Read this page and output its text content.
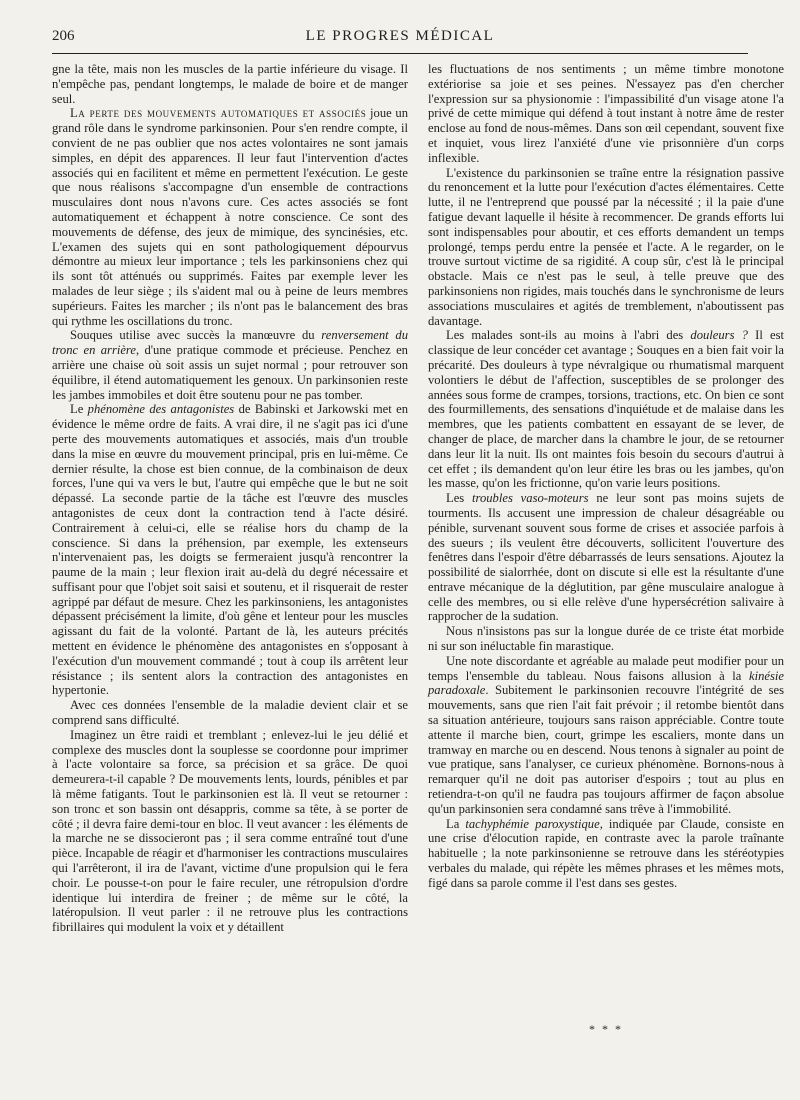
206	LE PROGRES MÉDICAL

gne la tête, mais non les muscles de la partie inférieure du visage. Il n'empêche pas, pendant longtemps, le malade de boire et de manger seul.

La perte des mouvements automatiques et associés joue un grand rôle dans le syndrome parkinsonien. Pour s'en rendre compte, il convient de ne pas oublier que nos actes volontaires ne sont jamais simples, en dépit des apparences. Il leur faut l'intervention d'actes associés qui en facilitent et même en permettent l'exécution. Le geste que nous réalisons s'accompagne d'un ensemble de contractions musculaires dont nous n'avons cure. Ces actes associés se font automatiquement et échappent à notre conscience. Ce sont des mouvements de défense, des jeux de mimique, des syncinésies, etc. L'examen des sujets qui en sont pathologiquement dépourvus démontre au mieux leur importance ; tels les parkinsoniens chez qui ils sont tôt atténués ou supprimés. Faites par exemple lever les malades de leur siège ; ils s'aident mal ou à peine de leurs membres supérieurs. Faites les marcher ; ils n'ont pas le balancement des bras qui rythme les oscillations du tronc.

Souques utilise avec succès la manœuvre du renversement du tronc en arrière, d'une pratique commode et précieuse. Penchez en arrière une chaise où soit assis un sujet normal ; pour retrouver son équilibre, il étend automatiquement les genoux. Un parkinsonien reste les jambes immobiles et doit être soutenu pour ne pas tomber.

Le phénomène des antagonistes de Babinski et Jarkowski met en évidence le même ordre de faits. A vrai dire, il ne s'agit pas ici d'une perte des mouvements automatiques et associés, mais d'un trouble dans la mise en œuvre du mouvement principal, pris en lui-même. Ce dernier résulte, la chose est bien connue, de la combinaison de deux forces, l'une qui va vers le but, l'autre qui empêche que le but ne soit dépassé. La seconde partie de la tâche est l'œuvre des muscles antagonistes de ceux dont la contraction tend à l'acte désiré. Contrairement à celui-ci, elle se réalise hors du champ de la conscience. Si dans la préhension, par exemple, les extenseurs n'intervenaient pas, les doigts se fermeraient jusqu'à rencontrer la paume de la main ; leur flexion irait au-delà du degré nécessaire et suffisant pour que l'objet soit saisi et soutenu, et il risquerait de rester agrippé par défaut de mesure. Chez les parkinsoniens, les antagonistes dépassent précisément la limite, d'où gêne et lenteur pour les muscles agissant du fait de la volonté. Partant de là, les auteurs précités mettent en évidence le phénomène des antagonistes en s'opposant à l'exécution d'un mouvement commandé ; tout à coup ils arrêtent leur résistance ; ils sentent alors la contraction des antagonistes en hypertonie.

Avec ces données l'ensemble de la maladie devient clair et se comprend sans difficulté.

Imaginez un être raidi et tremblant ; enlevez-lui le jeu délié et complexe des muscles dont la souplesse se coordonne pour imprimer à l'acte volontaire sa force, sa précision et sa grâce. De quoi demeurera-t-il capable ? De mouvements lents, lourds, pénibles et par là même fatigants. Tout le parkinsonien est là. Il veut se retourner : son tronc et son bassin ont désappris, comme sa tête, à se porter de côté ; il devra faire demi-tour en bloc. Il veut avancer : les éléments de la marche ne se dissocieront pas ; il sera comme entraîné tout d'une pièce. Incapable de réagir et d'harmoniser les contractions musculaires qui l'arrêteront, il ira de l'avant, victime d'une propulsion qui le fera choir. Le pousse-t-on pour le faire reculer, une rétropulsion d'ordre identique lui interdira de freiner ; de même sur le côté, la latéropulsion. Il veut parler : il ne retrouve plus les contractions fibrillaires qui modulent la voix et y détaillent

les fluctuations de nos sentiments ; un même timbre monotone extériorise sa joie et ses peines. N'essayez pas d'en chercher l'expression sur sa physionomie : l'impassibilité d'un visage atone l'a privé de cette mimique qui défend à tout instant à notre âme de rester enclose au fond de nous-mêmes. Dans son œil cependant, souvent fixe et inquiet, vous lirez l'anxiété d'une vie prisonnière d'un corps inflexible.

L'existence du parkinsonien se traîne entre la résignation passive du renoncement et la lutte pour l'exécution d'actes élémentaires. Cette lutte, il ne l'entreprend que poussé par la nécessité ; il la paie d'une fatigue devant laquelle il hésite à recommencer. De grands efforts lui sont indispensables pour aboutir, et ces efforts demandent un temps prolongé, temps perdu entre la pensée et l'acte. A le regarder, on le trouve surtout victime de sa rigidité. A coup sûr, c'est là le principal obstacle. Mais ce n'est pas le seul, à telle preuve que des parkinsoniens non rigides, mais touchés dans le synchronisme de leurs associations musculaires et agités de tremblement, n'aboutissent pas davantage.

Les malades sont-ils au moins à l'abri des douleurs ? Il est classique de leur concéder cet avantage ; Souques en a bien fait voir la précarité. Des douleurs à type névralgique ou rhumatismal marquent volontiers le début de l'affection, susceptibles de se prolonger des années sous forme de crampes, torsions, tractions, etc. On bien ce sont des fourmillements, des sensations d'inquiétude et de malaise dans les membres, que les patients combattent en essayant de se lever, de changer de place, de marcher dans la chambre le jour, de se retourner dans leur lit la nuit. Ils ont maintes fois besoin du secours d'autrui à cet effet ; ils demandent qu'on leur étire les bras ou les jambes, qu'on les masse, qu'on les frictionne, qu'on varie leurs positions.

Les troubles vaso-moteurs ne leur sont pas moins sujets de tourments. Ils accusent une impression de chaleur désagréable ou pénible, survenant souvent sous forme de crises et associée parfois à des sueurs ; ils veulent être découverts, sollicitent l'ouverture des fenêtres dans l'espoir d'être débarrassés de leurs sensations. Ajoutez la possibilité de sialorrhée, dont on discute si elle est la résultante d'une entrave mécanique de la déglutition, par gêne musculaire analogue à celle des membres, ou si elle relève d'une hypersécrétion salivaire à rapprocher de la sudation.

Nous n'insistons pas sur la longue durée de ce triste état morbide ni sur son inéluctable fin marastique.

Une note discordante et agréable au malade peut modifier pour un temps l'ensemble du tableau. Nous faisons allusion à la kinésie paradoxale. Subitement le parkinsonien recouvre l'intégrité de ses mouvements, sans que rien l'ait fait prévoir ; il retombe bientôt dans sa situation antérieure, toujours sans raison appréciable. Contre toute attente il marche bien, court, grimpe les escaliers, monte dans un tramway en marche ou en descend. Nous tenons à signaler au point de vue pratique, sans l'analyser, ce curieux phénomène. Bornons-nous à remarquer qu'il ne doit pas autoriser d'espoirs ; tout au plus en retiendra-t-on qu'il ne faudra pas toujours affirmer de façon absolue qu'un parkinsonien sera condamné sans trêve à l'immobilité.

La tachyphémie paroxystique, indiquée par Claude, consiste en une crise d'élocution rapide, en contraste avec la parole traînante habituelle ; la note parkinsonienne se retrouve dans les stéréotypies verbales du malade, qui répète les mêmes phrases et les mêmes mots, figé dans sa parole comme il l'est dans ses gestes.

* * *
